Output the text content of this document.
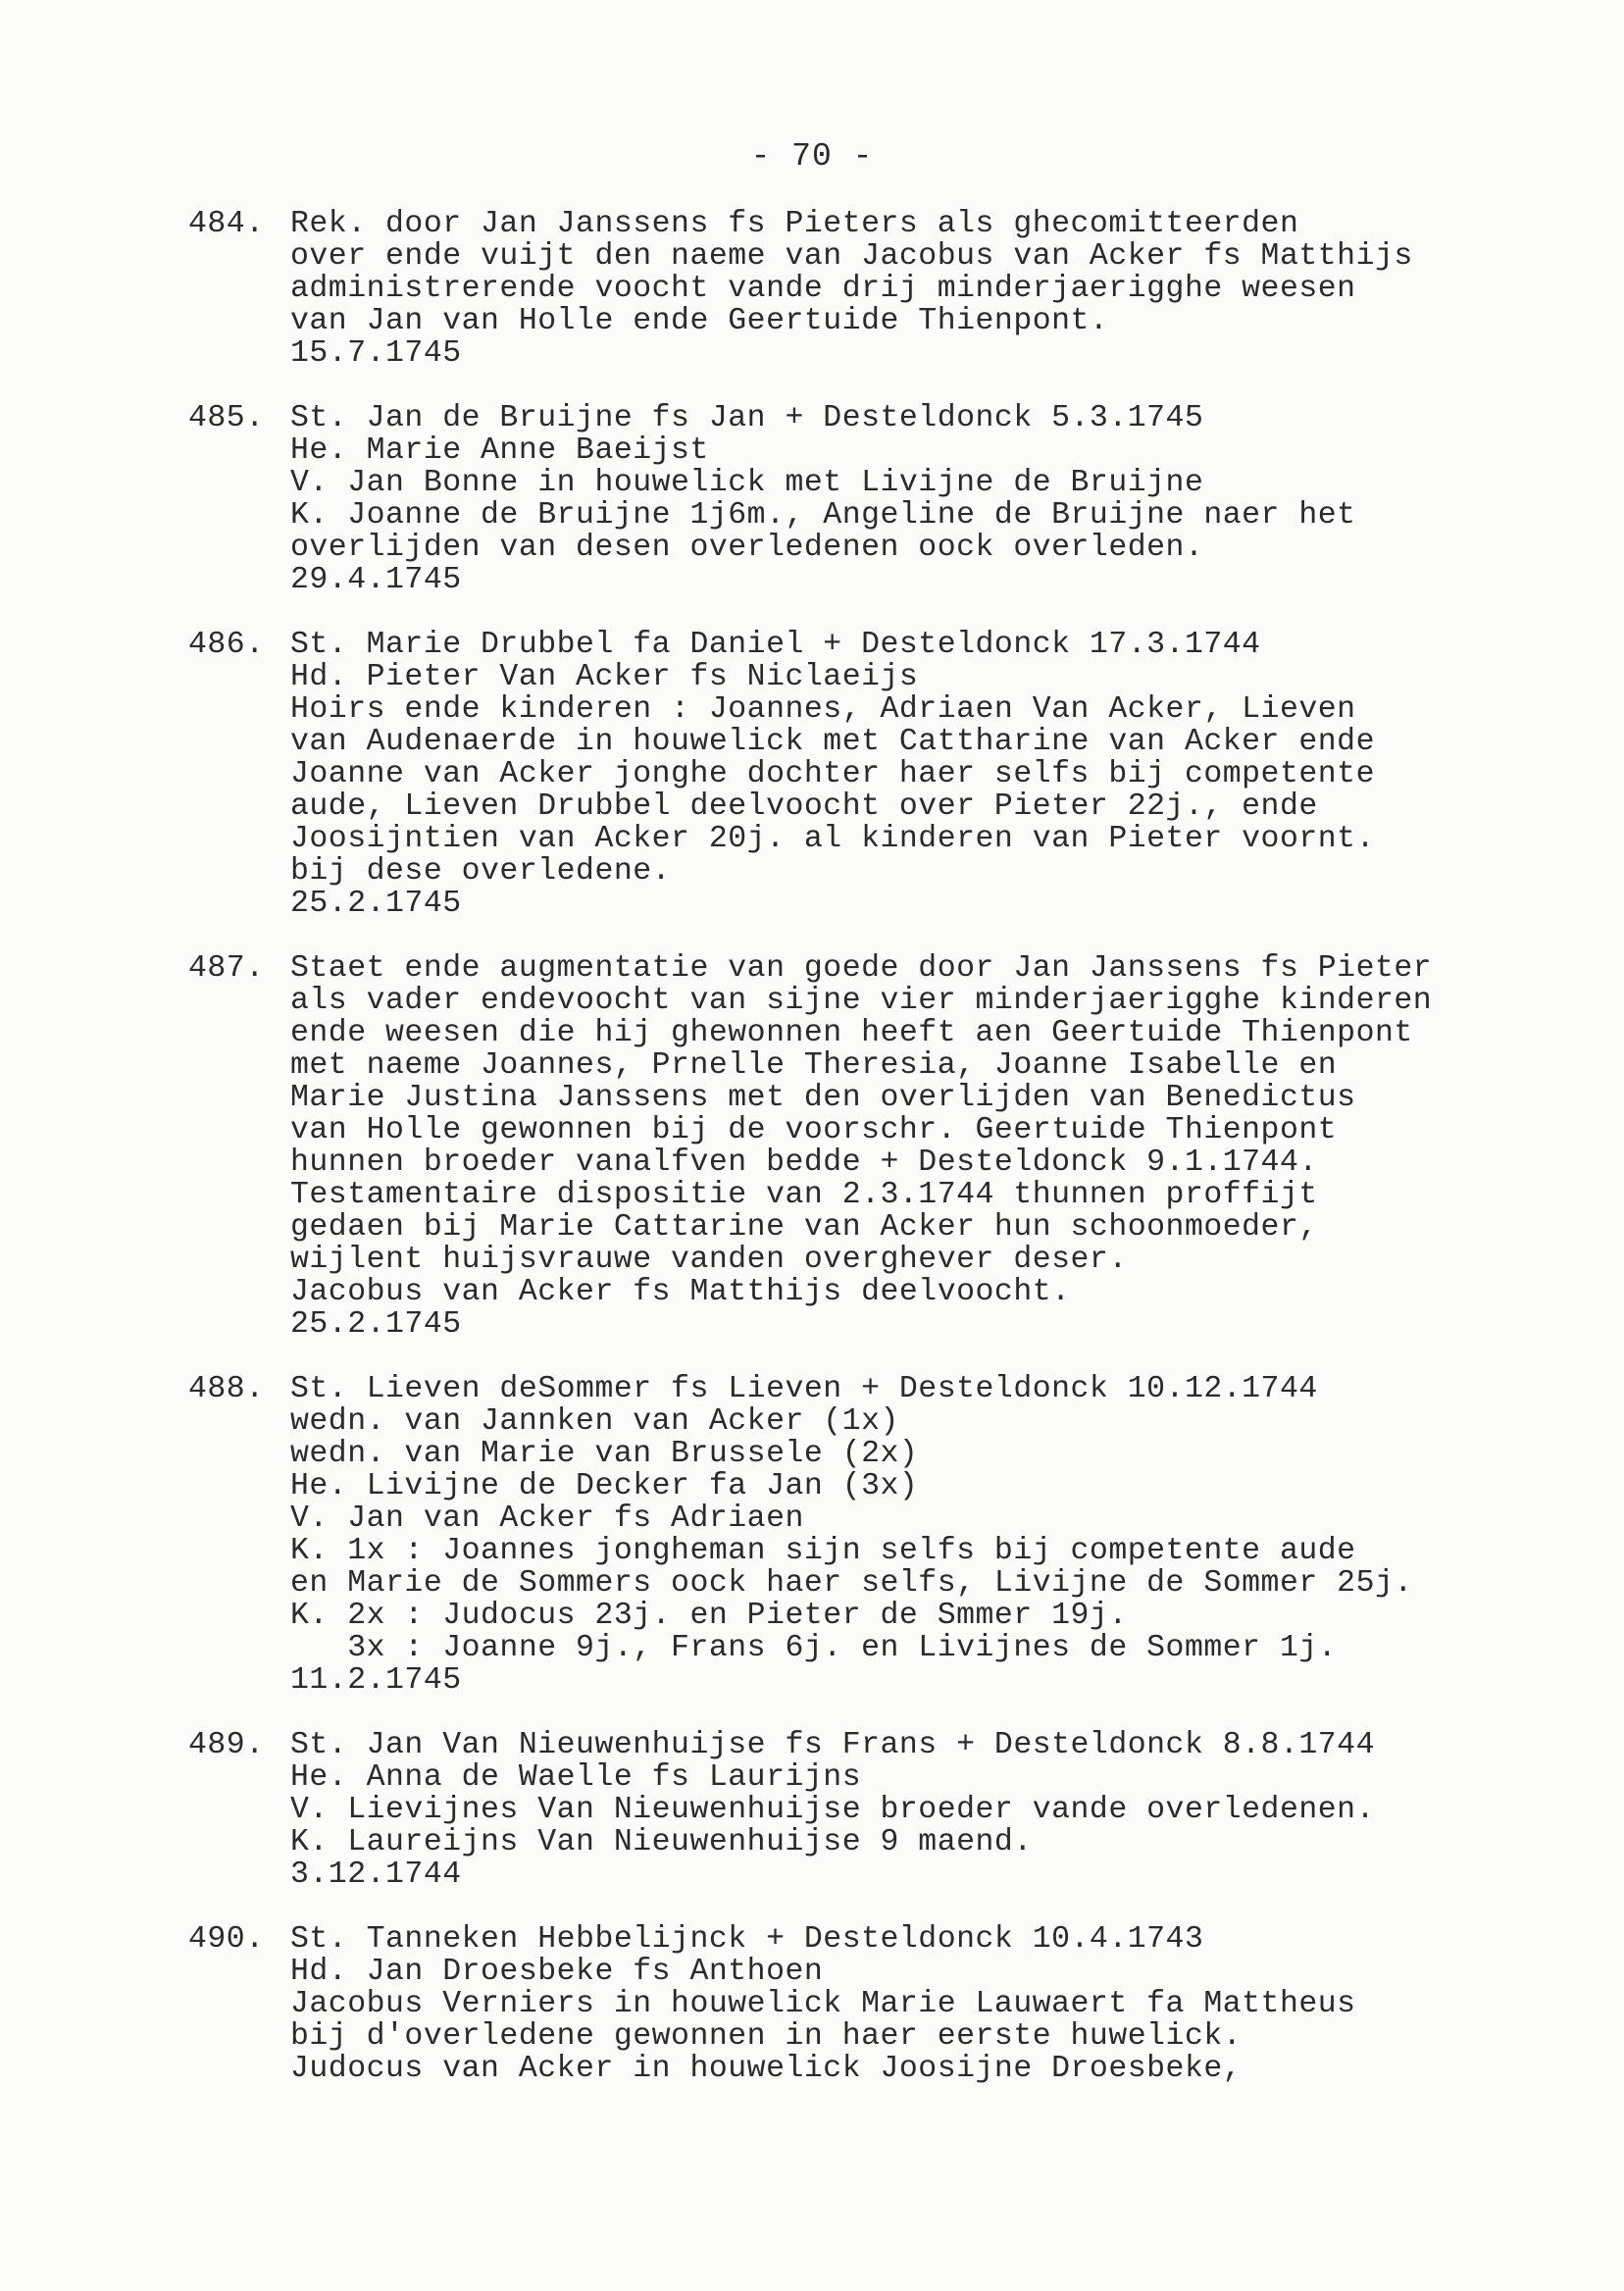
- 70 -
484. Rek. door Jan Janssens fs Pieters als ghecomitteerden
over ende vuijt den naeme van Jacobus van Acker fs Matthijs
administrerende voocht vande drij minderjaerigghe weesen
van Jan van Holle ende Geertuide Thienpont.
15.7.1745
485. St. Jan de Bruijne fs Jan + Desteldonck 5.3.1745
He. Marie Anne Baeijst
V. Jan Bonne in houwelick met Livijne de Bruijne
K. Joanne de Bruijne 1j6m., Angeline de Bruijne naer het
overlijden van desen overledenen oock overleden.
29.4.1745
486. St. Marie Drubbel fa Daniel + Desteldonck 17.3.1744
Hd. Pieter Van Acker fs Niclaeijs
Hoirs ende kinderen : Joannes, Adriaen Van Acker, Lieven
van Audenaerde in houwelick met Cattharine van Acker ende
Joanne van Acker jonghe dochter haer selfs bij competente
aude, Lieven Drubbel deelvoocht over Pieter 22j., ende
Joosijntien van Acker 20j. al kinderen van Pieter voornt.
bij dese overledene.
25.2.1745
487. Staet ende augmentatie van goede door Jan Janssens fs Pieter
als vader endevoocht van sijne vier minderjaerigghe kinderen
ende weesen die hij ghewonnen heeft aen Geertuide Thienpont
met naeme Joannes, Prnelle Theresia, Joanne Isabelle en
Marie Justina Janssens met den overlijden van Benedictus
van Holle gewonnen bij de voorschr. Geertuide Thienpont
hunnen broeder vanalfven bedde + Desteldonck 9.1.1744.
Testamentaire dispositie van 2.3.1744 thunnen proffijt
gedaen bij Marie Cattarine van Acker hun schoonmoeder,
wijlent huijsvrauwe vanden overghever deser.
Jacobus van Acker fs Matthijs deelvoocht.
25.2.1745
488. St. Lieven deSommer fs Lieven + Desteldonck 10.12.1744
wedn. van Jannken van Acker (1x)
wedn. van Marie van Brussele (2x)
He. Livijne de Decker fa Jan (3x)
V. Jan van Acker fs Adriaen
K. 1x : Joannes jongheman sijn selfs bij competente aude
en Marie de Sommers oock haer selfs, Livijne de Sommer 25j.
K. 2x : Judocus 23j. en Pieter de Smmer 19j.
3x : Joanne 9j., Frans 6j. en Livijnes de Sommer 1j.
11.2.1745
489. St. Jan Van Nieuwenhuijse fs Frans + Desteldonck 8.8.1744
He. Anna de Waelle fs Laurijns
V. Lievijnes Van Nieuwenhuijse broeder vande overledenen.
K. Laureijns Van Nieuwenhuijse 9 maend.
3.12.1744
490. St. Tanneken Hebbelijnck + Desteldonck 10.4.1743
Hd. Jan Droesbeke fs Anthoen
Jacobus Verniers in houwelick Marie Lauwaert fa Mattheus
bij d'overledene gewonnen in haer eerste huwelick.
Judocus van Acker in houwelick Joosijne Droesbeke,
